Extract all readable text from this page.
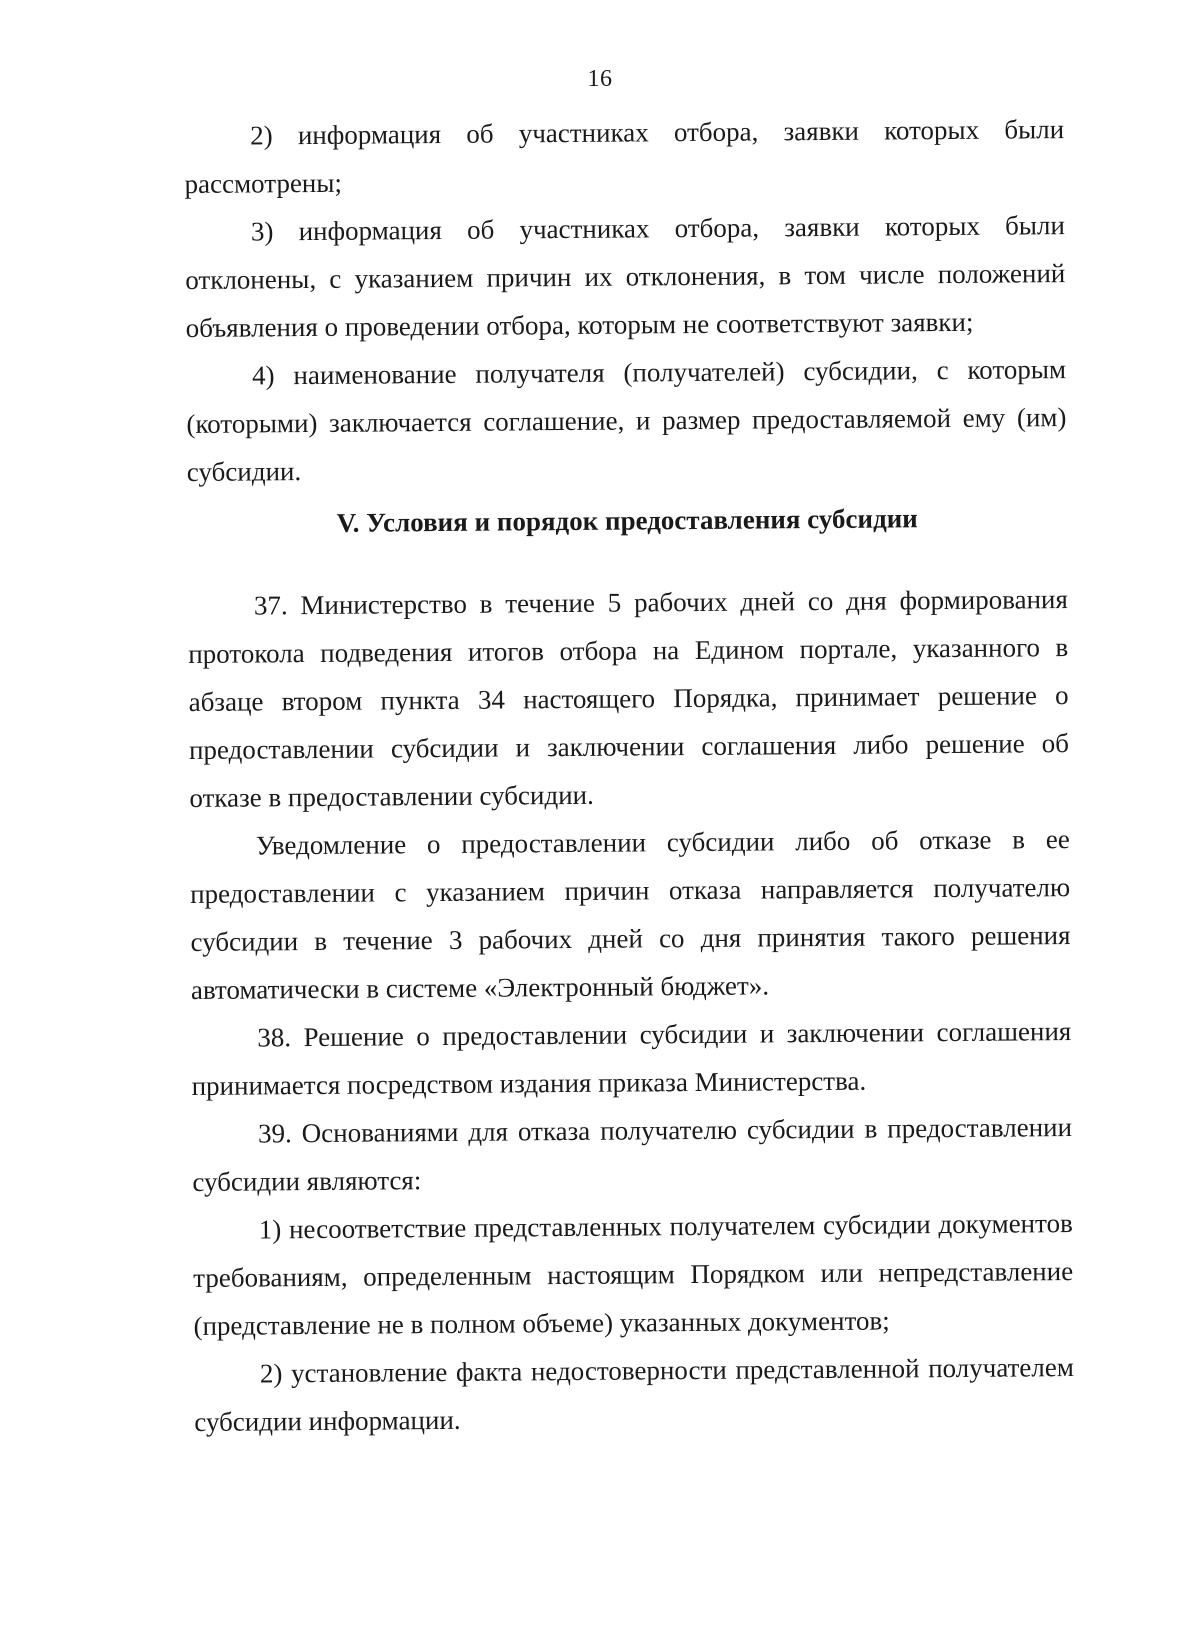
16

2) информация об участниках отбора, заявки которых были рассмотрены;

3) информация об участниках отбора, заявки которых были отклонены, с указанием причин их отклонения, в том числе положений объявления о проведении отбора, которым не соответствуют заявки;

4) наименование получателя (получателей) субсидии, с которым (которыми) заключается соглашение, и размер предоставляемой ему (им) субсидии.

V. Условия и порядок предоставления субсидии

37. Министерство в течение 5 рабочих дней со дня формирования протокола подведения итогов отбора на Едином портале, указанного в абзаце втором пункта 34 настоящего Порядка, принимает решение о предоставлении субсидии и заключении соглашения либо решение об отказе в предоставлении субсидии.

Уведомление о предоставлении субсидии либо об отказе в ее предоставлении с указанием причин отказа направляется получателю субсидии в течение 3 рабочих дней со дня принятия такого решения автоматически в системе «Электронный бюджет».

38. Решение о предоставлении субсидии и заключении соглашения принимается посредством издания приказа Министерства.

39. Основаниями для отказа получателю субсидии в предоставлении субсидии являются:

1) несоответствие представленных получателем субсидии документов требованиям, определенным настоящим Порядком или непредставление (представление не в полном объеме) указанных документов;

2) установление факта недостоверности представленной получателем субсидии информации.
